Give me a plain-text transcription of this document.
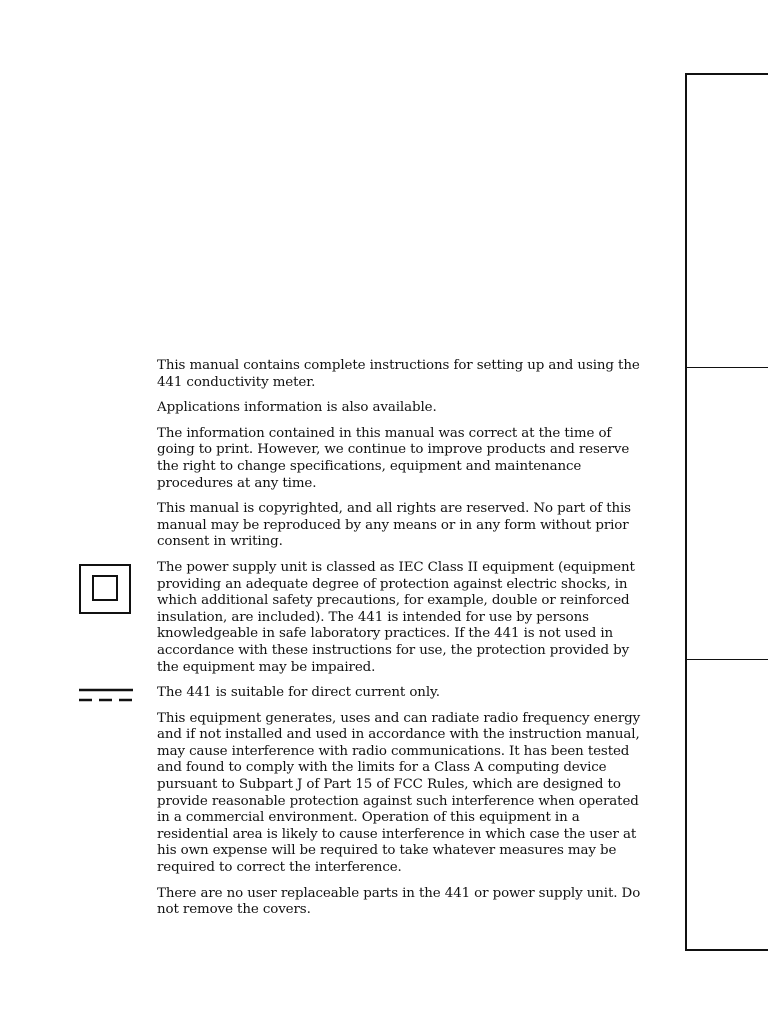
This manual contains complete instructions for setting up and using the 441 conductivity meter.

Applications information is also available.

The information contained in this manual was correct at the time of going to print. However, we continue to improve products and reserve the right to change specifications, equipment and maintenance procedures at any time.

This manual is copyrighted, and all rights are reserved. No part of this manual may be reproduced by any means or in any form without prior consent in writing.

The power supply unit is classed as IEC Class II equipment (equipment providing an adequate degree of protection against electric shocks, in which additional safety precautions, for example, double or reinforced insulation, are included). The 441 is intended for use by persons knowledgeable in safe laboratory practices. If the 441 is not used in accordance with these instructions for use, the protection provided by the equipment may be impaired.

The 441 is suitable for direct current only.

This equipment generates, uses and can radiate radio frequency energy and if not installed and used in accordance with the instruction manual, may cause interference with radio communications. It has been tested and found to comply with the limits for a Class A computing device pursuant to Subpart J of Part 15 of FCC Rules, which are designed to provide reasonable protection against such interference when operated in a commercial environment. Operation of this equipment in a residential area is likely to cause interference in which case the user at his own expense will be required to take whatever measures may be required to correct the interference.

There are no user replaceable parts in the 441 or power supply unit. Do not remove the covers.
